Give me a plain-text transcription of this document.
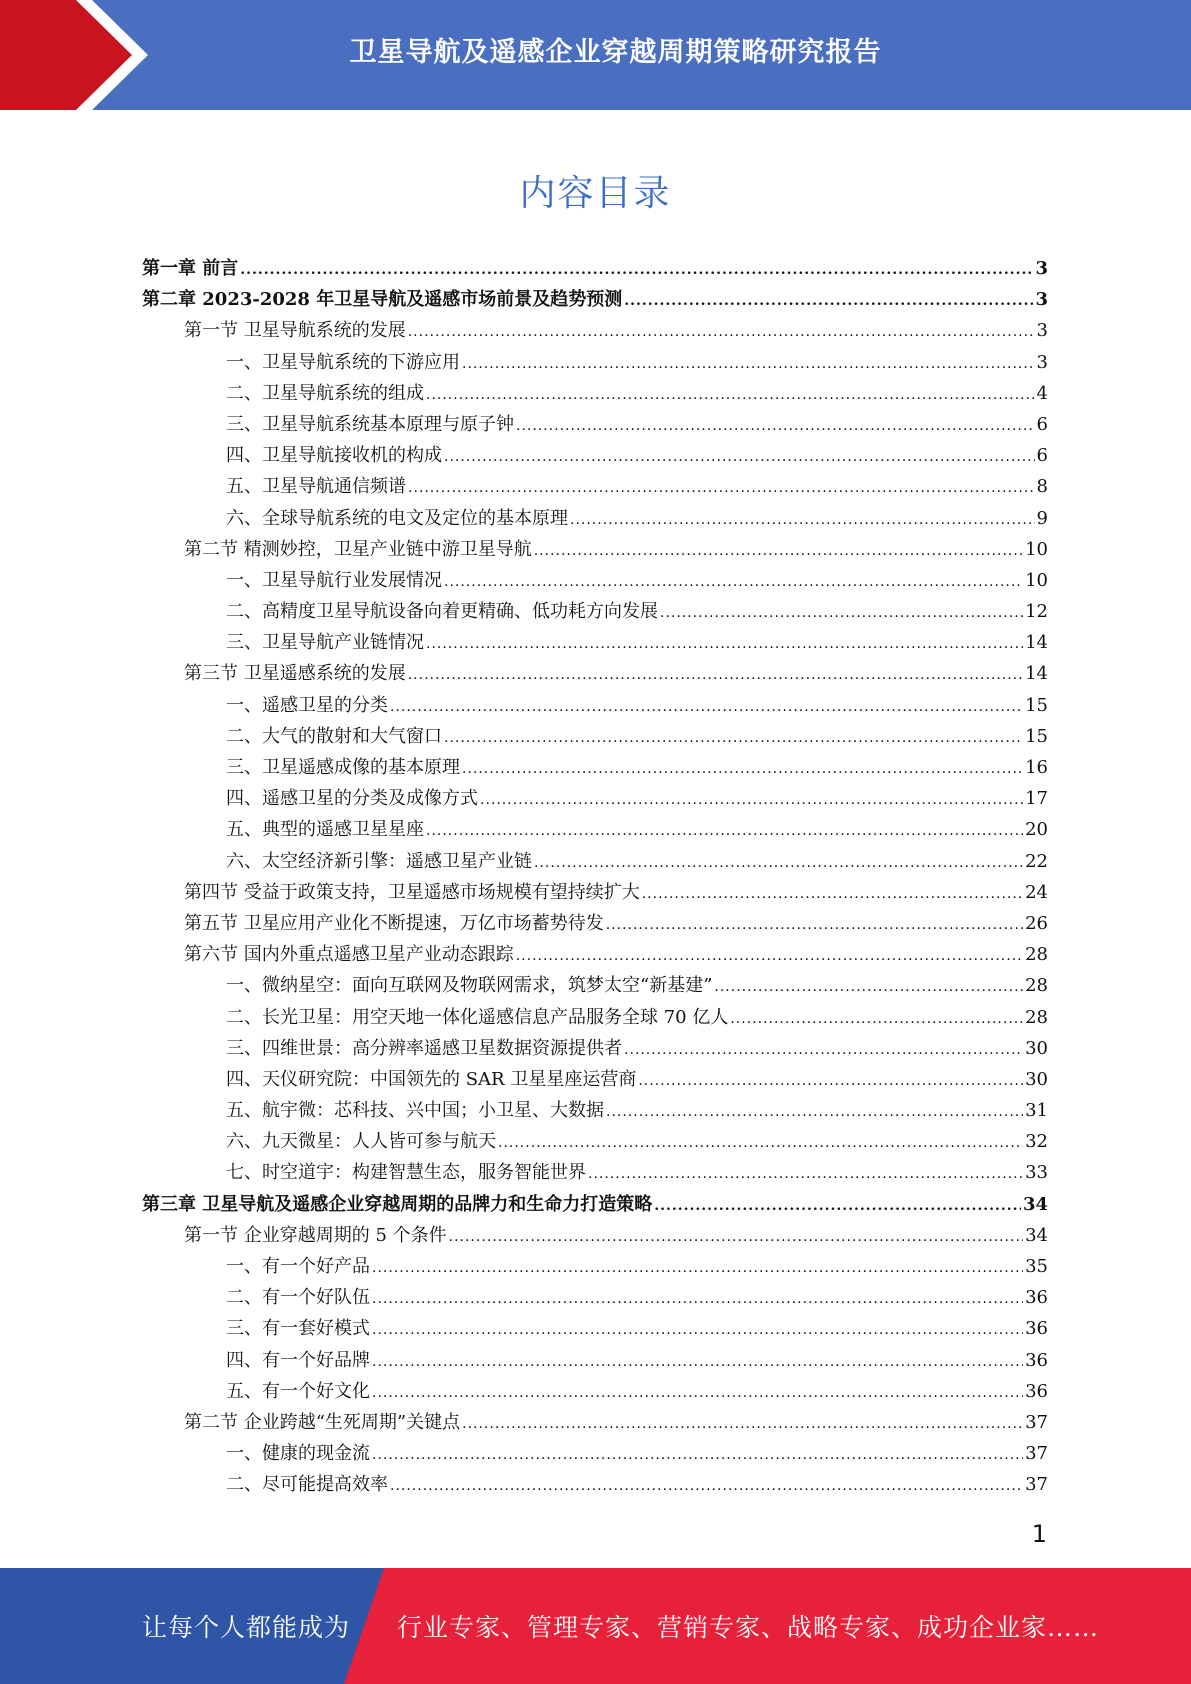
卫星导航及遥感企业穿越周期策略研究报告
内容目录
第一章 前言 .....	3
第二章 2023-2028 年卫星导航及遥感市场前景及趋势预测 .....	3
第一节 卫星导航系统的发展 .....	3
一、卫星导航系统的下游应用 .....	3
二、卫星导航系统的组成 .....	4
三、卫星导航系统基本原理与原子钟 .....	6
四、卫星导航接收机的构成 .....	6
五、卫星导航通信频谱 .....	8
六、全球导航系统的电文及定位的基本原理 .....	9
第二节 精测妙控，卫星产业链中游卫星导航 .....	10
一、卫星导航行业发展情况 .....	10
二、高精度卫星导航设备向着更精确、低功耗方向发展 .....	12
三、卫星导航产业链情况 .....	14
第三节 卫星遥感系统的发展 .....	14
一、遥感卫星的分类 .....	15
二、大气的散射和大气窗口 .....	15
三、卫星遥感成像的基本原理 .....	16
四、遥感卫星的分类及成像方式 .....	17
五、典型的遥感卫星星座 .....	20
六、太空经济新引擎：遥感卫星产业链 .....	22
第四节 受益于政策支持，卫星遥感市场规模有望持续扩大 .....	24
第五节 卫星应用产业化不断提速，万亿市场蓄势待发 .....	26
第六节 国内外重点遥感卫星产业动态跟踪 .....	28
一、微纳星空：面向互联网及物联网需求，筑梦太空“新基建” .....	28
二、长光卫星：用空天地一体化遥感信息产品服务全球 70 亿人 .....	28
三、四维世景：高分辨率遥感卫星数据资源提供者 .....	30
四、天仪研究院：中国领先的 SAR 卫星星座运营商 .....	30
五、航宇微：芯科技、兴中国；小卫星、大数据 .....	31
六、九天微星：人人皆可参与航天 .....	32
七、时空道宇：构建智慧生态，服务智能世界 .....	33
第三章 卫星导航及遥感企业穿越周期的品牌力和生命力打造策略 .....	34
第一节 企业穿越周期的 5 个条件 .....	34
一、有一个好产品 .....	35
二、有一个好队伍 .....	36
三、有一套好模式 .....	36
四、有一个好品牌 .....	36
五、有一个好文化 .....	36
第二节 企业跨越“生死周期”关键点 .....	37
一、健康的现金流 .....	37
二、尽可能提高效率 .....	37
1
让每个人都能成为 行业专家、管理专家、营销专家、战略专家、成功企业家……
